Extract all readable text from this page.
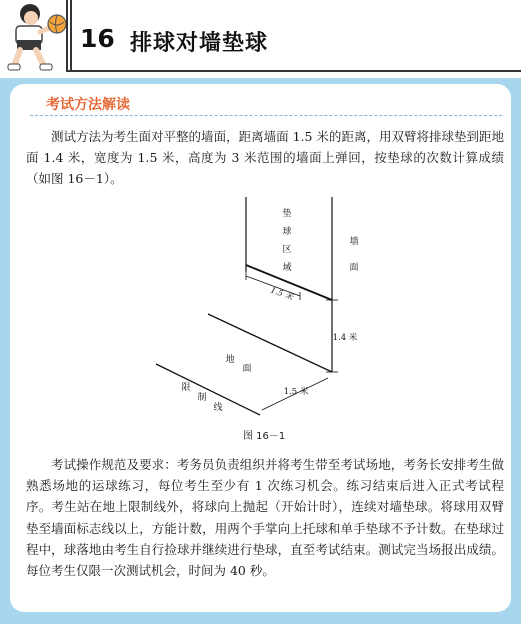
16 排球对墙垫球
考试方法解读
测试方法为考生面对平整的墙面，距离墙面 1.5 米的距离，用双臂将排球垫到距地面 1.4 米，宽度为 1.5 米，高度为 3 米范围的墙面上弹回，按垫球的次数计算成绩（如图 16－1）。
垫
球
区
域
墙
面
1.5 米
1.4 米
地
面
限
制
线
1.5 米
图 16－1
考试操作规范及要求：考务员负责组织并将考生带至考试场地，考务长安排考生做熟悉场地的运球练习，每位考生至少有 1 次练习机会。练习结束后进入正式考试程序。考生站在地上限制线外，将球向上抛起（开始计时），连续对墙垫球。将球用双臂垫至墙面标志线以上，方能计数，用两个手掌向上托球和单手垫球不予计数。在垫球过程中，球落地由考生自行捡球并继续进行垫球，直至考试结束。测试完当场报出成绩。每位考生仅限一次测试机会，时间为 40 秒。
